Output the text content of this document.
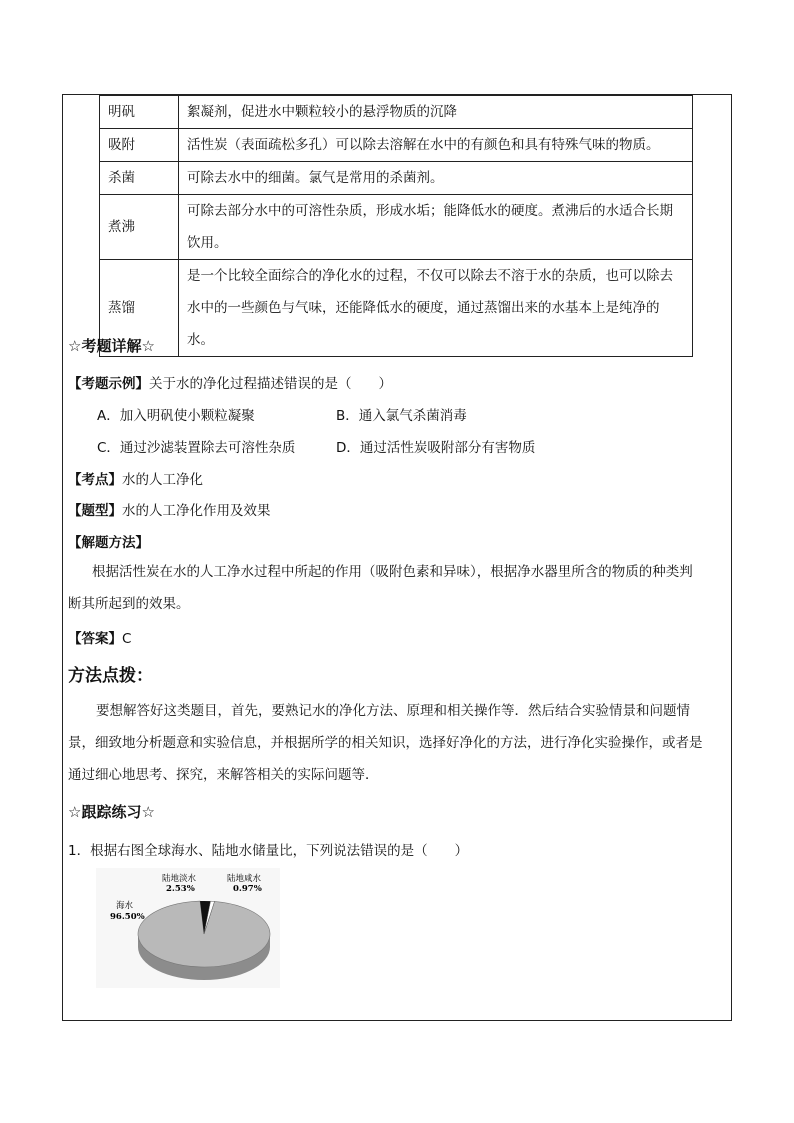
明矾	絮凝剂，促进水中颗粒较小的悬浮物质的沉降
吸附	活性炭（表面疏松多孔）可以除去溶解在水中的有颜色和具有特殊气味的物质。
杀菌	可除去水中的细菌。氯气是常用的杀菌剂。
煮沸	可除去部分水中的可溶性杂质，形成水垢；能降低水的硬度。煮沸后的水适合长期
饮用。

蒸馏	是一个比较全面综合的净化水的过程，不仅可以除去不溶于水的杂质，也可以除去
水中的一些颜色与气味，还能降低水的硬度，通过蒸馏出来的水基本上是纯净的水。
☆考题详解☆
【考题示例】关于水的净化过程描述错误的是（　　）
A．加入明矾使小颗粒凝聚	B．通入氯气杀菌消毒
C．通过沙滤装置除去可溶性杂质	D．通过活性炭吸附部分有害物质
【考点】水的人工净化
【题型】水的人工净化作用及效果
【解题方法】
根据活性炭在水的人工净水过程中所起的作用（吸附色素和异味），根据净水器里所含的物质的种类判
断其所起到的效果。
【答案】C
方法点拨：
要想解答好这类题目，首先，要熟记水的净化方法、原理和相关操作等．然后结合实验情景和问题情
景，细致地分析题意和实验信息，并根据所学的相关知识，选择好净化的方法，进行净化实验操作，或者是
通过细心地思考、探究，来解答相关的实际问题等．
☆跟踪练习☆
1．根据右图全球海水、陆地水储量比，下列说法错误的是（　　）
海水
96.50%
陆地淡水
2.53%
陆地咸水
0.97%
